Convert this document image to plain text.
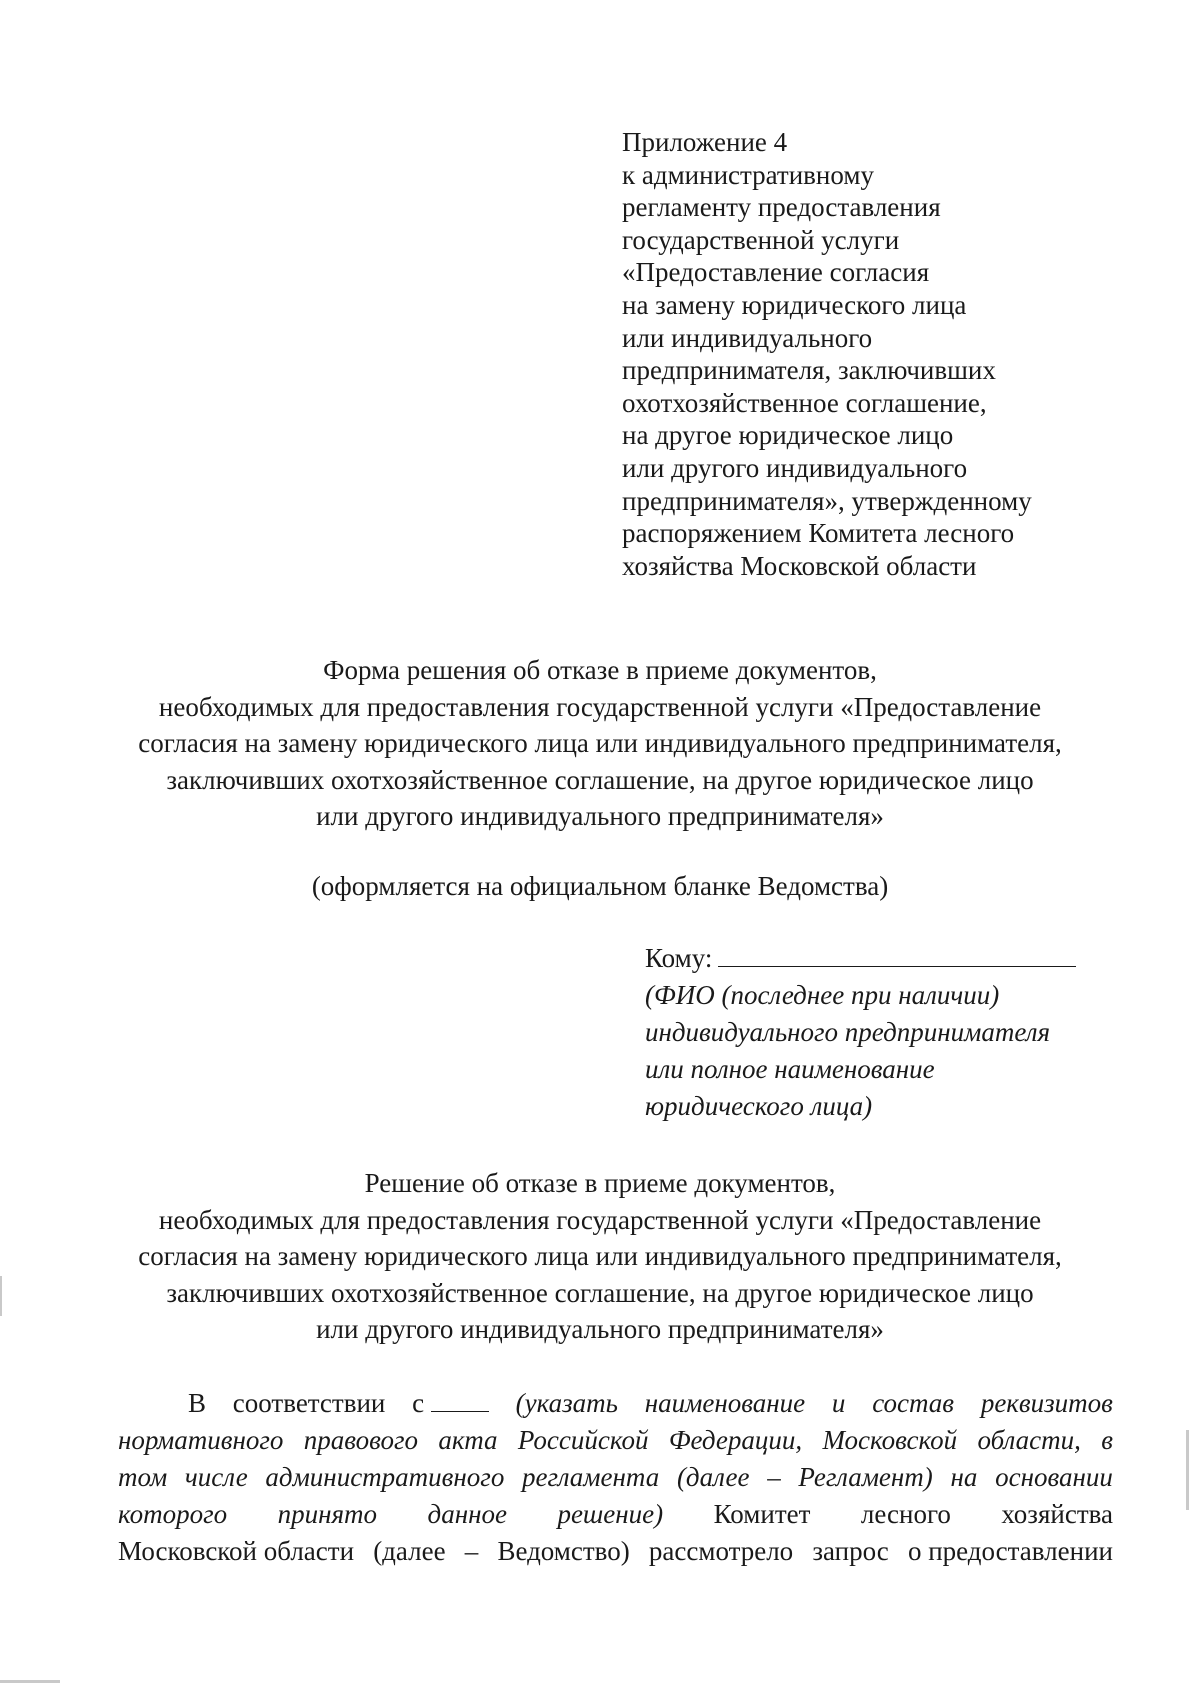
Приложение 4
к административному
регламенту предоставления
государственной услуги
«Предоставление согласия
на замену юридического лица
или индивидуального
предпринимателя, заключивших
охотхозяйственное соглашение,
на другое юридическое лицо
или другого индивидуального
предпринимателя», утвержденному
распоряжением Комитета лесного
хозяйства Московской области
Форма решения об отказе в приеме документов,
необходимых для предоставления государственной услуги «Предоставление
согласия на замену юридического лица или индивидуального предпринимателя,
заключивших охотхозяйственное соглашение, на другое юридическое лицо
или другого индивидуального предпринимателя»
(оформляется на официальном бланке Ведомства)
Кому:
(ФИО (последнее при наличии)
индивидуального предпринимателя
или полное наименование
юридического лица)
Решение об отказе в приеме документов,
необходимых для предоставления государственной услуги «Предоставление
согласия на замену юридического лица или индивидуального предпринимателя,
заключивших охотхозяйственное соглашение, на другое юридическое лицо
или другого индивидуального предпринимателя»
В соответствии с	(указать наименование и состав реквизитов
нормативного правового акта Российской Федерации, Московской области, в
том числе административного регламента (далее – Регламент) на основании
которого принято данное решение) Комитет лесного хозяйства
Московской области (далее – Ведомство) рассмотрело запрос о предоставлении
